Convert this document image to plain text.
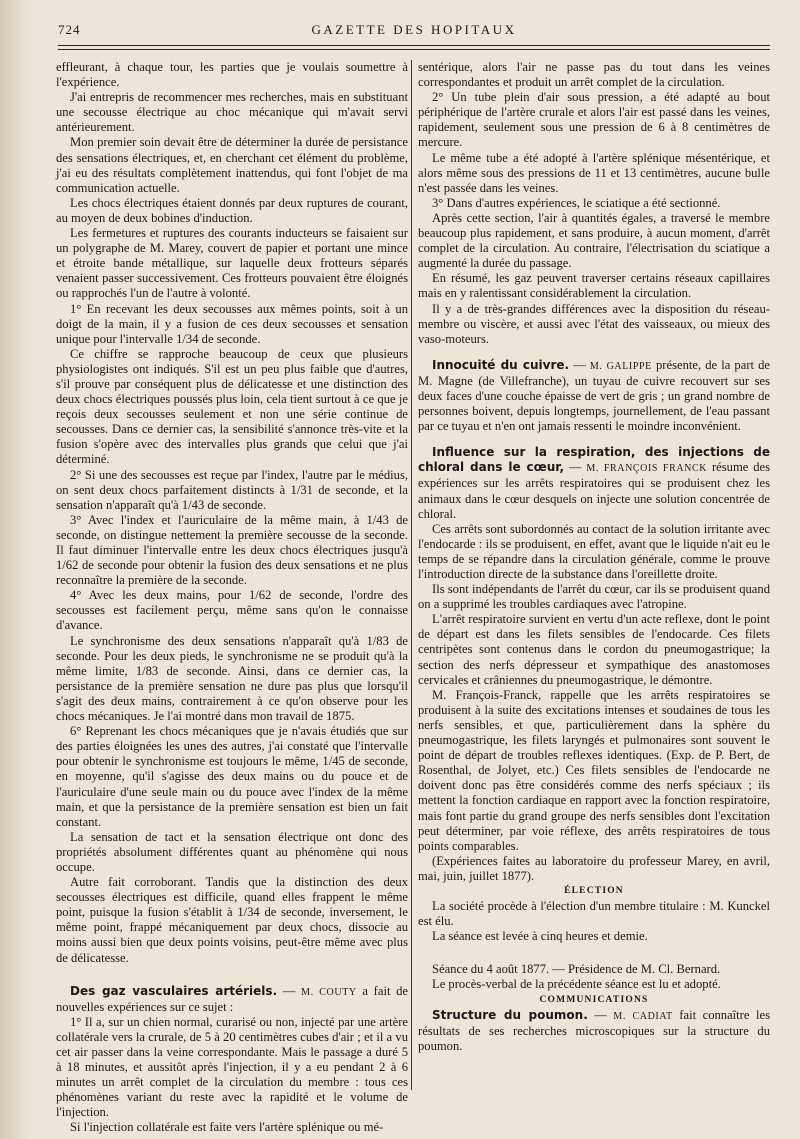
724	GAZETTE DES HOPITAUX

effleurant, à chaque tour, les parties que je voulais soumettre à l'expérience.

J'ai entrepris de recommencer mes recherches, mais en substituant une secousse électrique au choc mécanique qui m'avait servi antérieurement.

Mon premier soin devait être de déterminer la durée de persistance des sensations électriques, et, en cherchant cet élément du problème, j'ai eu des résultats complètement inattendus, qui font l'objet de ma communication actuelle.

Les chocs électriques étaient donnés par deux ruptures de courant, au moyen de deux bobines d'induction.

Les fermetures et ruptures des courants inducteurs se faisaient sur un polygraphe de M. Marey, couvert de papier et portant une mince et étroite bande métallique, sur laquelle deux frotteurs séparés venaient passer successivement. Ces frotteurs pouvaient être éloignés ou rapprochés l'un de l'autre à volonté.

1° En recevant les deux secousses aux mêmes points, soit à un doigt de la main, il y a fusion de ces deux secousses et sensation unique pour l'intervalle 1/34 de seconde.

Ce chiffre se rapproche beaucoup de ceux que plusieurs physiologistes ont indiqués. S'il est un peu plus faible que d'autres, s'il prouve par conséquent plus de délicatesse et une distinction des deux chocs électriques poussés plus loin, cela tient surtout à ce que je reçois deux secousses seulement et non une série continue de secousses. Dans ce dernier cas, la sensibilité s'annonce très-vite et la fusion s'opère avec des intervalles plus grands que celui que j'ai déterminé.

2° Si une des secousses est reçue par l'index, l'autre par le médius, on sent deux chocs parfaitement distincts à 1/31 de seconde, et la sensation n'apparaît qu'à 1/43 de seconde.

3° Avec l'index et l'auriculaire de la même main, à 1/43 de seconde, on distingue nettement la première secousse de la seconde. Il faut diminuer l'intervalle entre les deux chocs électriques jusqu'à 1/62 de seconde pour obtenir la fusion des deux sensations et ne plus reconnaître la première de la seconde.

4° Avec les deux mains, pour 1/62 de seconde, l'ordre des secousses est facilement perçu, même sans qu'on le connaisse d'avance.

Le synchronisme des deux sensations n'apparaît qu'à 1/83 de seconde. Pour les deux pieds, le synchronisme ne se produit qu'à la même limite, 1/83 de seconde. Ainsi, dans ce dernier cas, la persistance de la première sensation ne dure pas plus que lorsqu'il s'agit des deux mains, contrairement à ce qu'on observe pour les chocs mécaniques. Je l'ai montré dans mon travail de 1875.

6° Reprenant les chocs mécaniques que je n'avais étudiés que sur des parties éloignées les unes des autres, j'ai constaté que l'intervalle pour obtenir le synchronisme est toujours le même, 1/45 de seconde, en moyenne, qu'il s'agisse des deux mains ou du pouce et de l'auriculaire d'une seule main ou du pouce avec l'index de la même main, et que la persistance de la première sensation est bien un fait constant.

La sensation de tact et la sensation électrique ont donc des propriétés absolument différentes quant au phénomène qui nous occupe.

Autre fait corroborant. Tandis que la distinction des deux secousses électriques est difficile, quand elles frappent le même point, puisque la fusion s'établit à 1/34 de seconde, inversement, le même point, frappé mécaniquement par deux chocs, dissocie au moins aussi bien que deux points voisins, peut-être même avec plus de délicatesse.

Des gaz vasculaires artériels. — M. COUTY a fait de nouvelles expériences sur ce sujet :

1° Il a, sur un chien normal, curarisé ou non, injecté par une artère collatérale vers la crurale, de 5 à 20 centimètres cubes d'air ; et il a vu cet air passer dans la veine correspondante. Mais le passage a duré 5 à 18 minutes, et aussitôt après l'injection, il y a eu pendant 2 à 6 minutes un arrêt complet de la circulation du membre : tous ces phénomènes variant du reste avec la rapidité et le volume de l'injection.

Si l'injection collatérale est faite vers l'artère splénique ou mé-

sentérique, alors l'air ne passe pas du tout dans les veines correspondantes et produit un arrêt complet de la circulation.

2° Un tube plein d'air sous pression, a été adapté au bout périphérique de l'artère crurale et alors l'air est passé dans les veines, rapidement, seulement sous une pression de 6 à 8 centimètres de mercure.

Le même tube a été adopté à l'artère splénique mésentérique, et alors même sous des pressions de 11 et 13 centimètres, aucune bulle n'est passée dans les veines.

3° Dans d'autres expériences, le sciatique a été sectionné.

Après cette section, l'air à quantités égales, a traversé le membre beaucoup plus rapidement, et sans produire, à aucun moment, d'arrêt complet de la circulation. Au contraire, l'électrisation du sciatique a augmenté la durée du passage.

En résumé, les gaz peuvent traverser certains réseaux capillaires mais en y ralentissant considérablement la circulation.

Il y a de très-grandes différences avec la disposition du réseau-membre ou viscère, et aussi avec l'état des vaisseaux, ou mieux des vaso-moteurs.

Innocuité du cuivre. — M. GALIPPE présente, de la part de M. Magne (de Villefranche), un tuyau de cuivre recouvert sur ses deux faces d'une couche épaisse de vert de gris ; un grand nombre de personnes boivent, depuis longtemps, journellement, de l'eau passant par ce tuyau et n'en ont jamais ressenti le moindre inconvénient.

Influence sur la respiration, des injections de chloral dans le cœur, — M. FRANÇOIS FRANCK résume des expériences sur les arrêts respiratoires qui se produisent chez les animaux dans le cœur desquels on injecte une solution concentrée de chloral.

Ces arrêts sont subordonnés au contact de la solution irritante avec l'endocarde : ils se produisent, en effet, avant que le liquide n'ait eu le temps de se répandre dans la circulation générale, comme le prouve l'introduction directe de la substance dans l'oreillette droite.

Ils sont indépendants de l'arrêt du cœur, car ils se produisent quand on a supprimé les troubles cardiaques avec l'atropine.

L'arrêt respiratoire survient en vertu d'un acte reflexe, dont le point de départ est dans les filets sensibles de l'endocarde. Ces filets centripètes sont contenus dans le cordon du pneumogastrique; la section des nerfs dépresseur et sympathique des anastomoses cervicales et crâniennes du pneumogastrique, le démontre.

M. François-Franck, rappelle que les arrêts respiratoires se produisent à la suite des excitations intenses et soudaines de tous les nerfs sensibles, et que, particulièrement dans la sphère du pneumogastrique, les filets laryngés et pulmonaires sont souvent le point de départ de troubles reflexes identiques. (Exp. de P. Bert, de Rosenthal, de Jolyet, etc.) Ces filets sensibles de l'endocarde ne doivent donc pas être considérés comme des nerfs spéciaux ; ils mettent la fonction cardiaque en rapport avec la fonction respiratoire, mais font partie du grand groupe des nerfs sensibles dont l'excitation peut déterminer, par voie réflexe, des arrêts respiratoires de tous points comparables.

(Expériences faites au laboratoire du professeur Marey, en avril, mai, juin, juillet 1877).

ÉLECTION

La société procède à l'élection d'un membre titulaire : M. Kunckel est élu.

La séance est levée à cinq heures et demie.

Séance du 4 août 1877. — Présidence de M. Cl. Bernard.

Le procès-verbal de la précédente séance est lu et adopté.

COMMUNICATIONS

Structure du poumon. — M. CADIAT fait connaître les résultats de ses recherches microscopiques sur la structure du poumon.
